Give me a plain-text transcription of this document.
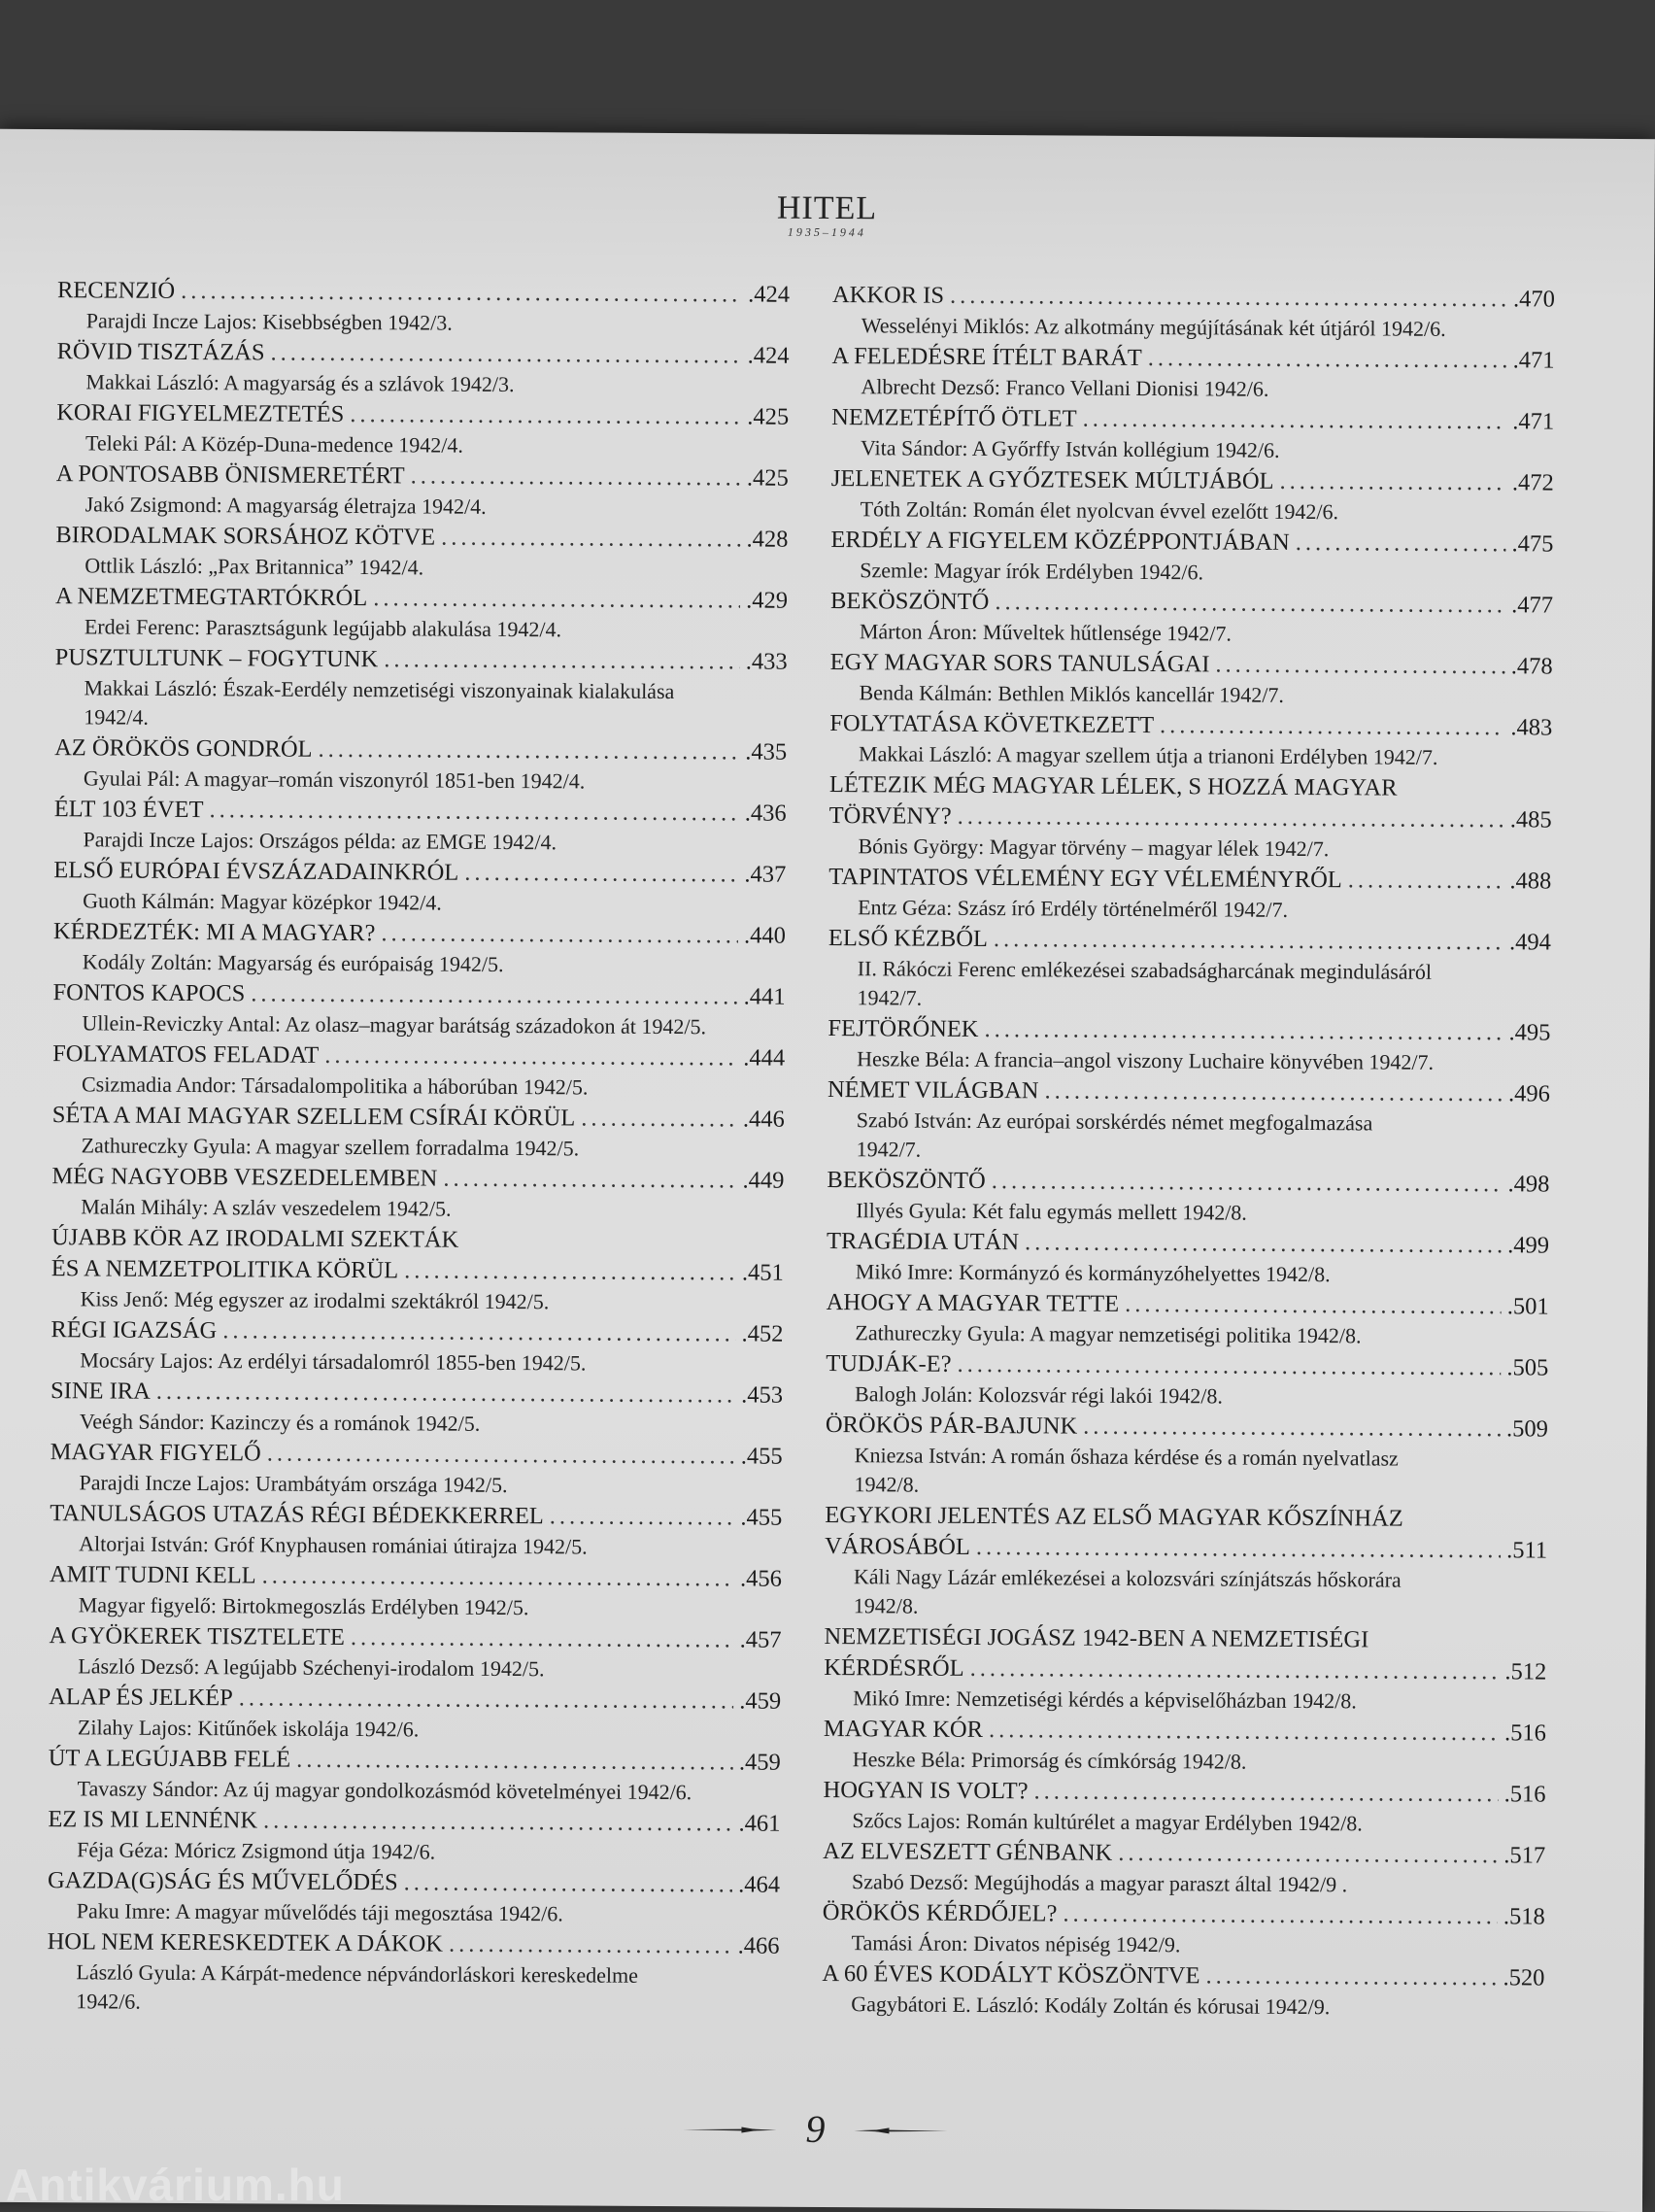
HITEL
1935–1944
RECENZIÓ .....	.424
Parajdi Incze Lajos: Kisebbségben 1942/3.
RÖVID TISZTÁZÁS .....	.424
Makkai László: A magyarság és a szlávok 1942/3.
KORAI FIGYELMEZTETÉS .....	.425
Teleki Pál: A Közép-Duna-medence 1942/4.
A PONTOSABB ÖNISMERETÉRT .....	.425
Jakó Zsigmond: A magyarság életrajza 1942/4.
BIRODALMAK SORSÁHOZ KÖTVE .....	.428
Ottlik László: „Pax Britannica” 1942/4.
A NEMZETMEGTARTÓKRÓL .....	.429
Erdei Ferenc: Parasztságunk legújabb alakulása 1942/4.
PUSZTULTUNK – FOGYTUNK .....	.433
Makkai László: Észak-Eerdély nemzetiségi viszonyainak kialakulása
1942/4.
AZ ÖRÖKÖS GONDRÓL .....	.435
Gyulai Pál: A magyar–román viszonyról 1851-ben 1942/4.
ÉLT 103 ÉVET .....	.436
Parajdi Incze Lajos: Országos példa: az EMGE 1942/4.
ELSŐ EURÓPAI ÉVSZÁZADAINKRÓL .....	.437
Guoth Kálmán: Magyar középkor 1942/4.
KÉRDEZTÉK: MI A MAGYAR? .....	.440
Kodály Zoltán: Magyarság és európaiság 1942/5.
FONTOS KAPOCS .....	.441
Ullein-Reviczky Antal: Az olasz–magyar barátság századokon át 1942/5.
FOLYAMATOS FELADAT .....	.444
Csizmadia Andor: Társadalompolitika a háborúban 1942/5.
SÉTA A MAI MAGYAR SZELLEM CSÍRÁI KÖRÜL .....	.446
Zathureczky Gyula: A magyar szellem forradalma 1942/5.
MÉG NAGYOBB VESZEDELEMBEN .....	.449
Malán Mihály: A szláv veszedelem 1942/5.
ÚJABB KÖR AZ IRODALMI SZEKTÁK
ÉS A NEMZETPOLITIKA KÖRÜL .....	.451
Kiss Jenő: Még egyszer az irodalmi szektákról 1942/5.
RÉGI IGAZSÁG .....	.452
Mocsáry Lajos: Az erdélyi társadalomról 1855-ben 1942/5.
SINE IRA .....	.453
Veégh Sándor: Kazinczy és a románok 1942/5.
MAGYAR FIGYELŐ .....	.455
Parajdi Incze Lajos: Urambátyám országa 1942/5.
TANULSÁGOS UTAZÁS RÉGI BÉDEKKERREL .....	.455
Altorjai István: Gróf Knyphausen romániai útirajza 1942/5.
AMIT TUDNI KELL .....	.456
Magyar figyelő: Birtokmegoszlás Erdélyben 1942/5.
A GYÖKEREK TISZTELETE .....	.457
László Dezső: A legújabb Széchenyi-irodalom 1942/5.
ALAP ÉS JELKÉP .....	.459
Zilahy Lajos: Kitűnőek iskolája 1942/6.
ÚT A LEGÚJABB FELÉ .....	.459
Tavaszy Sándor: Az új magyar gondolkozásmód követelményei 1942/6.
EZ IS MI LENNÉNK .....	.461
Féja Géza: Móricz Zsigmond útja 1942/6.
GAZDA(G)SÁG ÉS MŰVELŐDÉS .....	.464
Paku Imre: A magyar művelődés táji megosztása 1942/6.
HOL NEM KERESKEDTEK A DÁKOK .....	.466
László Gyula: A Kárpát-medence népvándorláskori kereskedelme
1942/6.
AKKOR IS .....	.470
Wesselényi Miklós: Az alkotmány megújításának két útjáról 1942/6.
A FELEDÉSRE ÍTÉLT BARÁT .....	.471
Albrecht Dezső: Franco Vellani Dionisi 1942/6.
NEMZETÉPÍTŐ ÖTLET .....	.471
Vita Sándor: A Győrffy István kollégium 1942/6.
JELENETEK A GYŐZTESEK MÚLTJÁBÓL .....	.472
Tóth Zoltán: Román élet nyolcvan évvel ezelőtt 1942/6.
ERDÉLY A FIGYELEM KÖZÉPPONTJÁBAN .....	.475
Szemle: Magyar írók Erdélyben 1942/6.
BEKÖSZÖNTŐ .....	.477
Márton Áron: Műveltek hűtlensége 1942/7.
EGY MAGYAR SORS TANULSÁGAI .....	.478
Benda Kálmán: Bethlen Miklós kancellár 1942/7.
FOLYTATÁSA KÖVETKEZETT .....	.483
Makkai László: A magyar szellem útja a trianoni Erdélyben 1942/7.
LÉTEZIK MÉG MAGYAR LÉLEK, S HOZZÁ MAGYAR
TÖRVÉNY? .....	.485
Bónis György: Magyar törvény – magyar lélek 1942/7.
TAPINTATOS VÉLEMÉNY EGY VÉLEMÉNYRŐL .....	.488
Entz Géza: Szász író Erdély történelméről 1942/7.
ELSŐ KÉZBŐL .....	.494
II. Rákóczi Ferenc emlékezései szabadságharcának megindulásáról
1942/7.
FEJTÖRŐNEK .....	.495
Heszke Béla: A francia–angol viszony Luchaire könyvében 1942/7.
NÉMET VILÁGBAN .....	.496
Szabó István: Az európai sorskérdés német megfogalmazása
1942/7.
BEKÖSZÖNTŐ .....	.498
Illyés Gyula: Két falu egymás mellett 1942/8.
TRAGÉDIA UTÁN .....	.499
Mikó Imre: Kormányzó és kormányzóhelyettes 1942/8.
AHOGY A MAGYAR TETTE .....	.501
Zathureczky Gyula: A magyar nemzetiségi politika 1942/8.
TUDJÁK-E? .....	.505
Balogh Jolán: Kolozsvár régi lakói 1942/8.
ÖRÖKÖS PÁR-BAJUNK .....	.509
Kniezsa István: A román őshaza kérdése és a román nyelvatlasz
1942/8.
EGYKORI JELENTÉS AZ ELSŐ MAGYAR KŐSZÍNHÁZ
VÁROSÁBÓL .....	.511
Káli Nagy Lázár emlékezései a kolozsvári színjátszás hőskorára
1942/8.
NEMZETISÉGI JOGÁSZ 1942-BEN A NEMZETISÉGI
KÉRDÉSRŐL .....	.512
Mikó Imre: Nemzetiségi kérdés a képviselőházban 1942/8.
MAGYAR KÓR .....	.516
Heszke Béla: Primorság és címkórság 1942/8.
HOGYAN IS VOLT? .....	.516
Szőcs Lajos: Román kultúrélet a magyar Erdélyben 1942/8.
AZ ELVESZETT GÉNBANK .....	.517
Szabó Dezső: Megújhodás a magyar paraszt által 1942/9 .
ÖRÖKÖS KÉRDŐJEL? .....	.518
Tamási Áron: Divatos népiség 1942/9.
A 60 ÉVES KODÁLYT KÖSZÖNTVE .....	.520
Gagybátori E. László: Kodály Zoltán és kórusai 1942/9.
9
Antikvárium.hu
